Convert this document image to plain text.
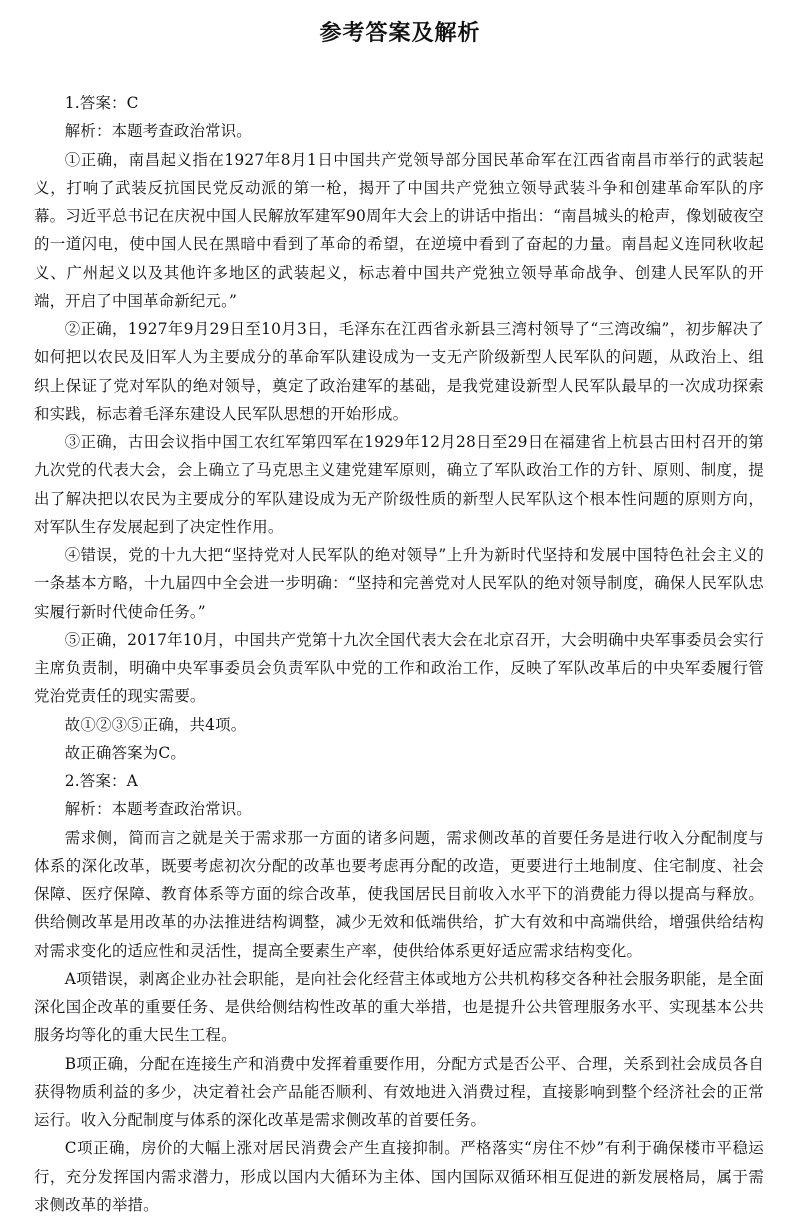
参考答案及解析

1.答案：C

解析：本题考查政治常识。

①正确，南昌起义指在1927年8月1日中国共产党领导部分国民革命军在江西省南昌市举行的武装起义，打响了武装反抗国民党反动派的第一枪，揭开了中国共产党独立领导武装斗争和创建革命军队的序幕。习近平总书记在庆祝中国人民解放军建军90周年大会上的讲话中指出：“南昌城头的枪声，像划破夜空的一道闪电，使中国人民在黑暗中看到了革命的希望，在逆境中看到了奋起的力量。南昌起义连同秋收起义、广州起义以及其他许多地区的武装起义，标志着中国共产党独立领导革命战争、创建人民军队的开端，开启了中国革命新纪元。”

②正确，1927年9月29日至10月3日，毛泽东在江西省永新县三湾村领导了“三湾改编”，初步解决了如何把以农民及旧军人为主要成分的革命军队建设成为一支无产阶级新型人民军队的问题，从政治上、组织上保证了党对军队的绝对领导，奠定了政治建军的基础，是我党建设新型人民军队最早的一次成功探索和实践，标志着毛泽东建设人民军队思想的开始形成。

③正确，古田会议指中国工农红军第四军在1929年12月28日至29日在福建省上杭县古田村召开的第九次党的代表大会，会上确立了马克思主义建党建军原则，确立了军队政治工作的方针、原则、制度，提出了解决把以农民为主要成分的军队建设成为无产阶级性质的新型人民军队这个根本性问题的原则方向，对军队生存发展起到了决定性作用。

④错误，党的十九大把“坚持党对人民军队的绝对领导”上升为新时代坚持和发展中国特色社会主义的一条基本方略，十九届四中全会进一步明确：“坚持和完善党对人民军队的绝对领导制度，确保人民军队忠实履行新时代使命任务。”

⑤正确，2017年10月，中国共产党第十九次全国代表大会在北京召开，大会明确中央军事委员会实行主席负责制，明确中央军事委员会负责军队中党的工作和政治工作，反映了军队改革后的中央军委履行管党治党责任的现实需要。

故①②③⑤正确，共4项。

故正确答案为C。

2.答案：A

解析：本题考查政治常识。

需求侧，简而言之就是关于需求那一方面的诸多问题，需求侧改革的首要任务是进行收入分配制度与体系的深化改革，既要考虑初次分配的改革也要考虑再分配的改造，更要进行土地制度、住宅制度、社会保障、医疗保障、教育体系等方面的综合改革，使我国居民目前收入水平下的消费能力得以提高与释放。供给侧改革是用改革的办法推进结构调整，减少无效和低端供给，扩大有效和中高端供给，增强供给结构对需求变化的适应性和灵活性，提高全要素生产率，使供给体系更好适应需求结构变化。

A项错误，剥离企业办社会职能，是向社会化经营主体或地方公共机构移交各种社会服务职能，是全面深化国企改革的重要任务、是供给侧结构性改革的重大举措，也是提升公共管理服务水平、实现基本公共服务均等化的重大民生工程。

B项正确，分配在连接生产和消费中发挥着重要作用，分配方式是否公平、合理，关系到社会成员各自获得物质利益的多少，决定着社会产品能否顺利、有效地进入消费过程，直接影响到整个经济社会的正常运行。收入分配制度与体系的深化改革是需求侧改革的首要任务。

C项正确，房价的大幅上涨对居民消费会产生直接抑制。严格落实“房住不炒”有利于确保楼市平稳运行，充分发挥国内需求潜力，形成以国内大循环为主体、国内国际双循环相互促进的新发展格局，属于需求侧改革的举措。
